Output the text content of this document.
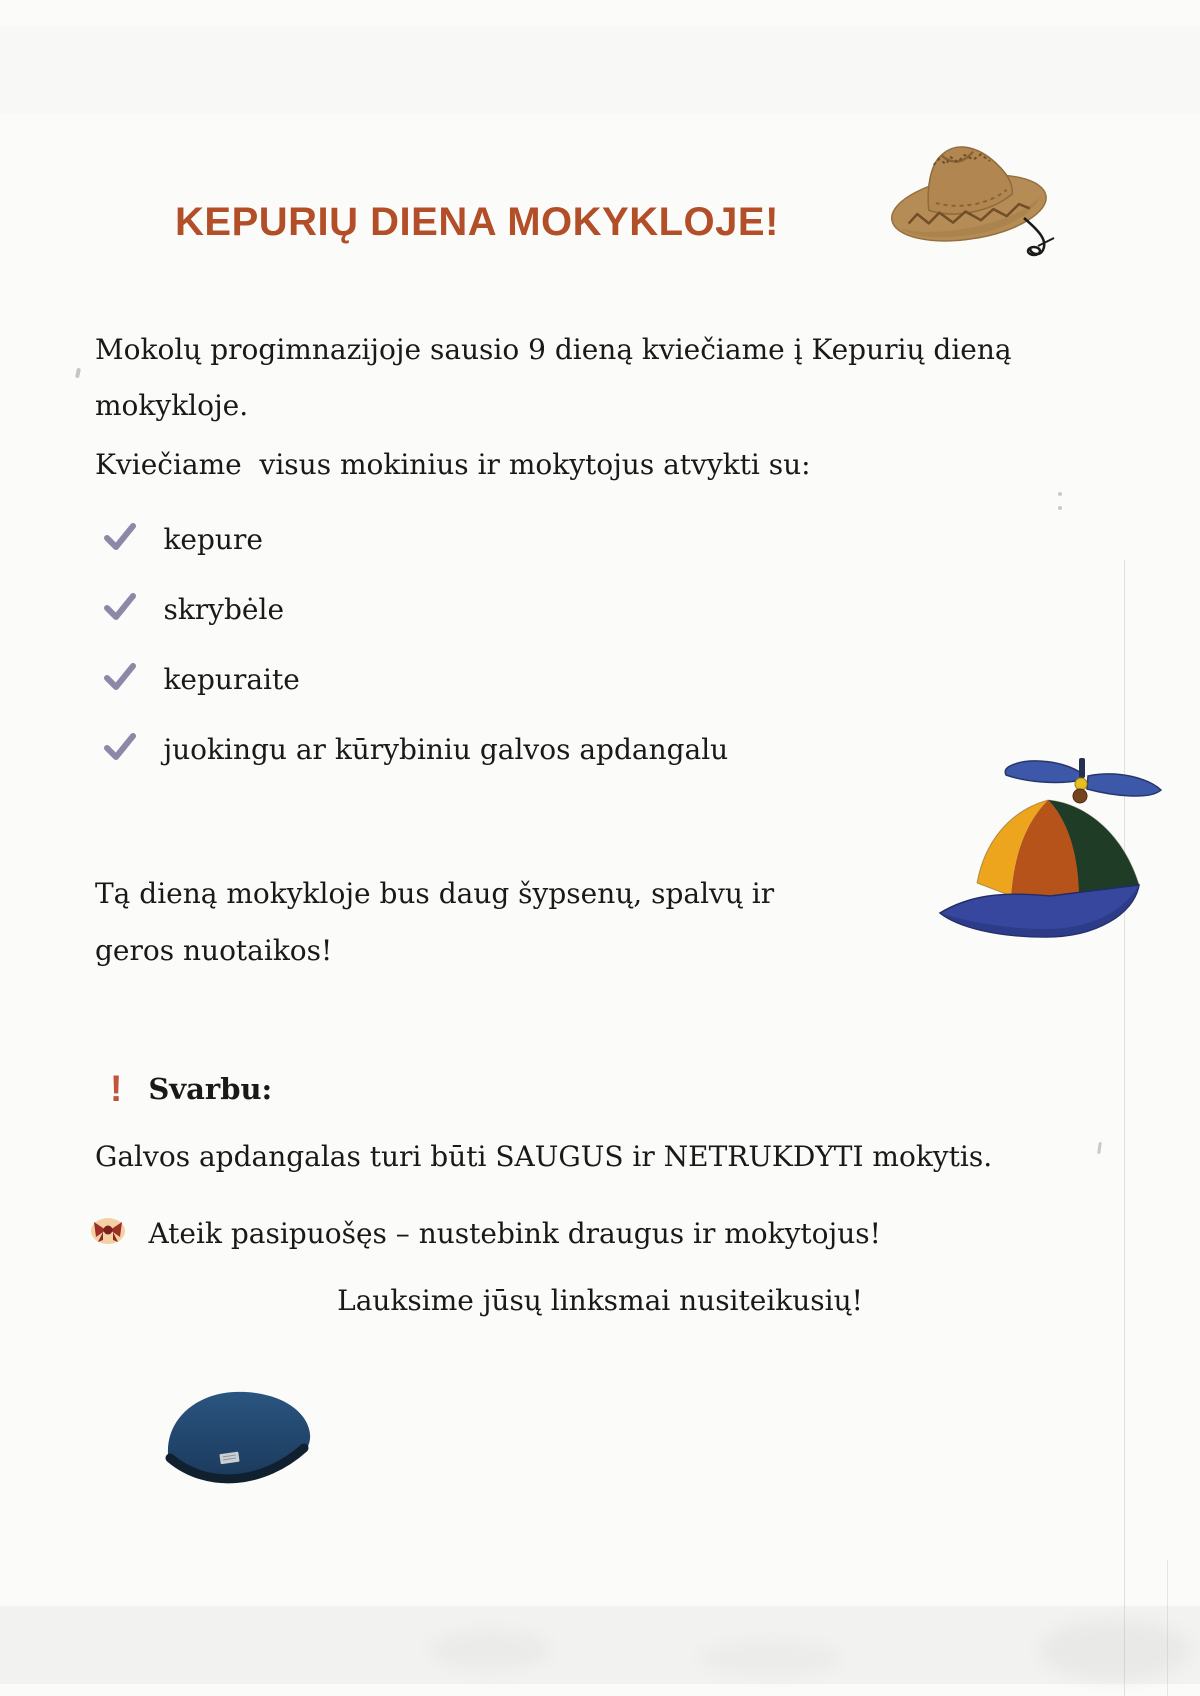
KEPURIŲ DIENA MOKYKLOJE!

Mokolų progimnazijoje sausio 9 dieną kviečiame į Kepurių dieną
mokykloje.

Kviečiame  visus mokinius ir mokytojus atvykti su:

kepure
skrybėle
kepuraite
juokingu ar kūrybiniu galvos apdangalu

Tą dieną mokykloje bus daug šypsenų, spalvų ir
geros nuotaikos!

! Svarbu:

Galvos apdangalas turi būti SAUGUS ir NETRUKDYTI mokytis.

Ateik pasipuošęs – nustebink draugus ir mokytojus!

Lauksime jūsų linksmai nusiteikusių!
